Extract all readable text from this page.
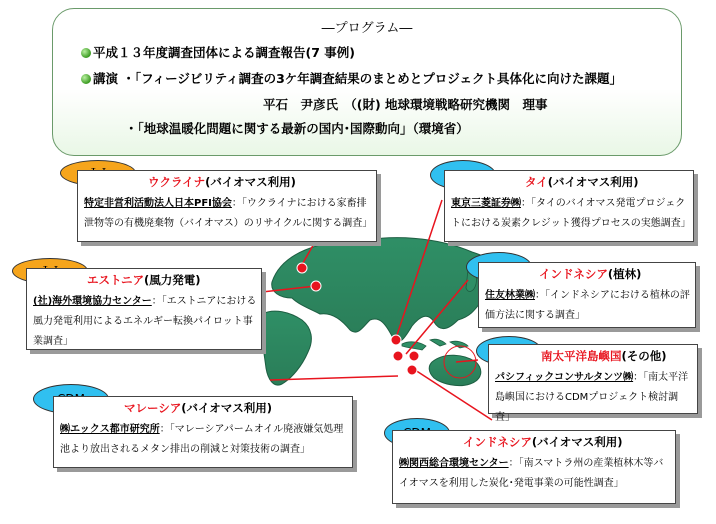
―プログラム―
平成１３年度調査団体による調査報告(7 事例)
講演 ・「フィージビリティ調査の3ケ年調査結果のまとめとプロジェクト具体化に向けた課題」
平石　尹彦氏　（(財) 地球環境戦略研究機関　理事
・「地球温暖化問題に関する最新の国内･国際動向」（環境省）
ウクライナ(バイオマス利用)
特定非営利活動法人日本PFI協会：「ウクライナにおける家畜排泄物等の有機廃棄物（バイオマス）のリサイクルに関する調査」
エストニア(風力発電)
(社)海外環境協力センター：「エストニアにおける風力発電利用によるエネルギー転換パイロット事業調査」
マレーシア(バイオマス利用)
㈱エックス都市研究所：「マレーシアパームオイル廃液嫌気処理池より放出されるメタン排出の削減と対策技術の調査」
タイ(バイオマス利用)
東京三菱証券㈱：「タイのバイオマス発電プロジェクトにおける炭素クレジット獲得プロセスの実態調査」
インドネシア(植林)
住友林業㈱：「インドネシアにおける植林の評価方法に関する調査」
南太平洋島嶼国(その他)
パシフィックコンサルタンツ㈱：「南太平洋島嶼国におけるCDMプロジェクト検討調査」
インドネシア(バイオマス利用)
㈱関西総合環境センター：「南スマトラ州の産業植林木等バイオマスを利用した炭化･発電事業の可能性調査」
